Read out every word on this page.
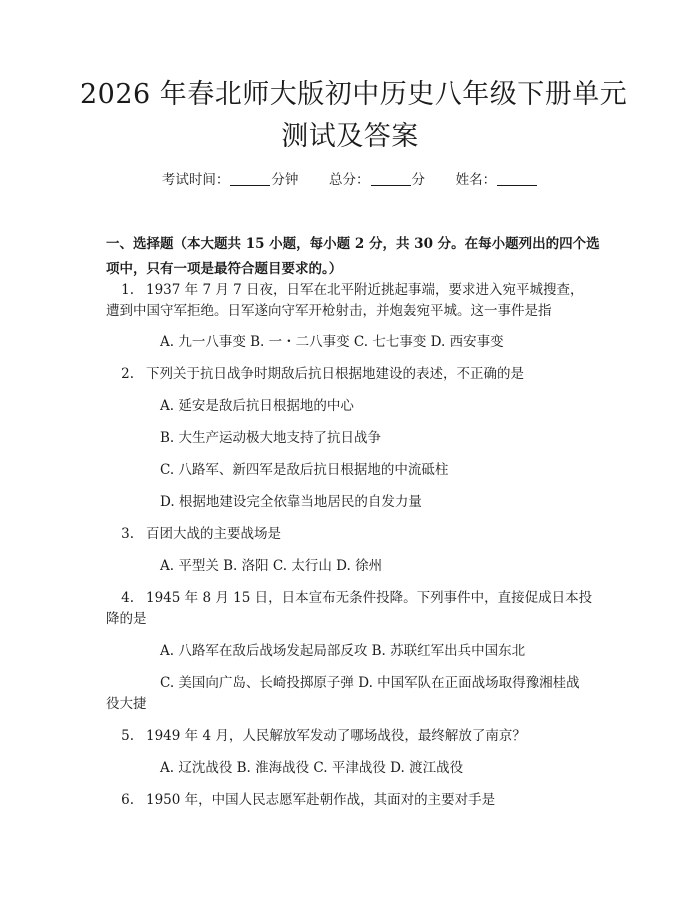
2026 年春北师大版初中历史八年级下册单元
测试及答案
考试时间：	分钟 总分：	分 姓名：
一、选择题（本大题共 15 小题，每小题 2 分，共 30 分。在每小题列出的四个选项中，只有一项是最符合题目要求的。）
1. 1937 年 7 月 7 日夜，日军在北平附近挑起事端，要求进入宛平城搜查，
遭到中国守军拒绝。日军遂向守军开枪射击，并炮轰宛平城。这一事件是指
A. 九一八事变 B. 一・二八事变 C. 七七事变 D. 西安事变
2. 下列关于抗日战争时期敌后抗日根据地建设的表述，不正确的是
A. 延安是敌后抗日根据地的中心
B. 大生产运动极大地支持了抗日战争
C. 八路军、新四军是敌后抗日根据地的中流砥柱
D. 根据地建设完全依靠当地居民的自发力量
3. 百团大战的主要战场是
A. 平型关 B. 洛阳 C. 太行山 D. 徐州
4. 1945 年 8 月 15 日，日本宣布无条件投降。下列事件中，直接促成日本投
降的是
A. 八路军在敌后战场发起局部反攻 B. 苏联红军出兵中国东北
C. 美国向广岛、长崎投掷原子弹 D. 中国军队在正面战场取得豫湘桂战
役大捷
5. 1949 年 4 月，人民解放军发动了哪场战役，最终解放了南京？
A. 辽沈战役 B. 淮海战役 C. 平津战役 D. 渡江战役
6. 1950 年，中国人民志愿军赴朝作战，其面对的主要对手是
